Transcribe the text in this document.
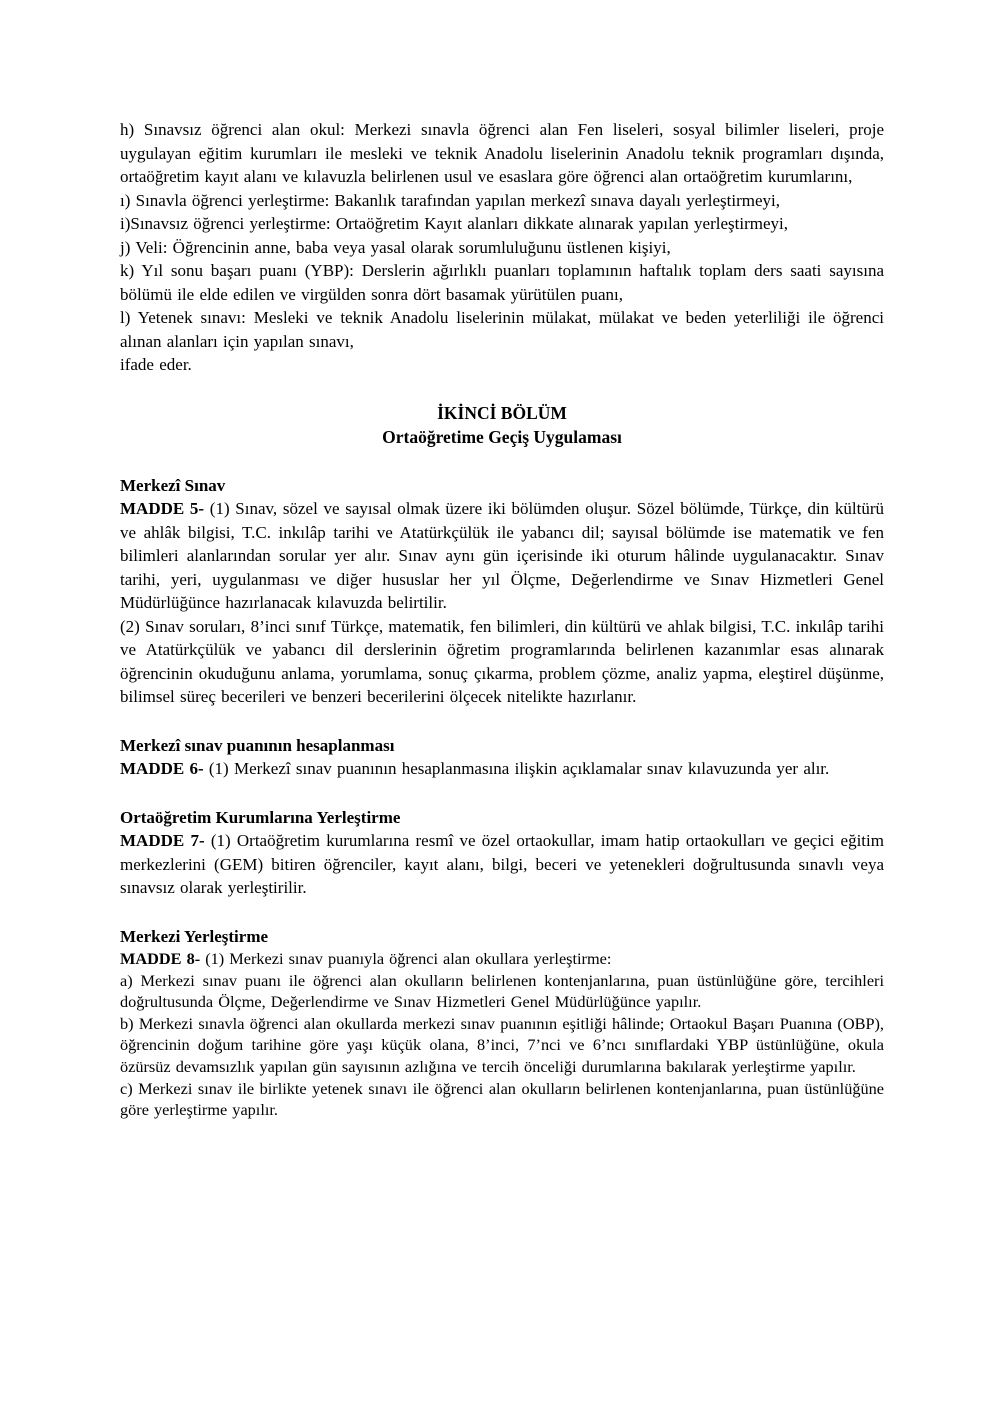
h) Sınavsız öğrenci alan okul: Merkezi sınavla öğrenci alan Fen liseleri, sosyal bilimler liseleri, proje uygulayan eğitim kurumları ile mesleki ve teknik Anadolu liselerinin Anadolu teknik programları dışında, ortaöğretim kayıt alanı ve kılavuzla belirlenen usul ve esaslara göre öğrenci alan ortaöğretim kurumlarını,

ı) Sınavla öğrenci yerleştirme: Bakanlık tarafından yapılan merkezî sınava dayalı yerleştirmeyi,

i)Sınavsız öğrenci yerleştirme: Ortaöğretim Kayıt alanları dikkate alınarak yapılan yerleştirmeyi,

j) Veli: Öğrencinin anne, baba veya yasal olarak sorumluluğunu üstlenen kişiyi,

k) Yıl sonu başarı puanı (YBP): Derslerin ağırlıklı puanları toplamının haftalık toplam ders saati sayısına bölümü ile elde edilen ve virgülden sonra dört basamak yürütülen puanı,

l) Yetenek sınavı: Mesleki ve teknik Anadolu liselerinin mülakat, mülakat ve beden yeterliliği ile öğrenci alınan alanları için yapılan sınavı,

ifade eder.

İKİNCİ BÖLÜM

Ortaöğretime Geçiş Uygulaması

Merkezî Sınav

MADDE 5- (1) Sınav, sözel ve sayısal olmak üzere iki bölümden oluşur. Sözel bölümde, Türkçe, din kültürü ve ahlâk bilgisi, T.C. inkılâp tarihi ve Atatürkçülük ile yabancı dil; sayısal bölümde ise matematik ve fen bilimleri alanlarından sorular yer alır. Sınav aynı gün içerisinde iki oturum hâlinde uygulanacaktır. Sınav tarihi, yeri, uygulanması ve diğer hususlar her yıl Ölçme, Değerlendirme ve Sınav Hizmetleri Genel Müdürlüğünce hazırlanacak kılavuzda belirtilir.

(2) Sınav soruları, 8’inci sınıf Türkçe, matematik, fen bilimleri, din kültürü ve ahlak bilgisi, T.C. inkılâp tarihi ve Atatürkçülük ve yabancı dil derslerinin öğretim programlarında belirlenen kazanımlar esas alınarak öğrencinin okuduğunu anlama, yorumlama, sonuç çıkarma, problem çözme, analiz yapma, eleştirel düşünme, bilimsel süreç becerileri ve benzeri becerilerini ölçecek nitelikte hazırlanır.

Merkezî sınav puanının hesaplanması

MADDE 6- (1) Merkezî sınav puanının hesaplanmasına ilişkin açıklamalar sınav kılavuzunda yer alır.

Ortaöğretim Kurumlarına Yerleştirme

MADDE 7- (1) Ortaöğretim kurumlarına resmî ve özel ortaokullar, imam hatip ortaokulları ve geçici eğitim merkezlerini (GEM) bitiren öğrenciler, kayıt alanı, bilgi, beceri ve yetenekleri doğrultusunda sınavlı veya sınavsız olarak yerleştirilir.

Merkezi Yerleştirme

MADDE 8- (1) Merkezi sınav puanıyla öğrenci alan okullara yerleştirme:

a) Merkezi sınav puanı ile öğrenci alan okulların belirlenen kontenjanlarına, puan üstünlüğüne göre, tercihleri doğrultusunda Ölçme, Değerlendirme ve Sınav Hizmetleri Genel Müdürlüğünce yapılır.

b) Merkezi sınavla öğrenci alan okullarda merkezi sınav puanının eşitliği hâlinde; Ortaokul Başarı Puanına (OBP), öğrencinin doğum tarihine göre yaşı küçük olana, 8’inci, 7’nci ve 6’ncı sınıflardaki YBP üstünlüğüne, okula özürsüz devamsızlık yapılan gün sayısının azlığına ve tercih önceliği durumlarına bakılarak yerleştirme yapılır.

c) Merkezi sınav ile birlikte yetenek sınavı ile öğrenci alan okulların belirlenen kontenjanlarına, puan üstünlüğüne göre yerleştirme yapılır.
